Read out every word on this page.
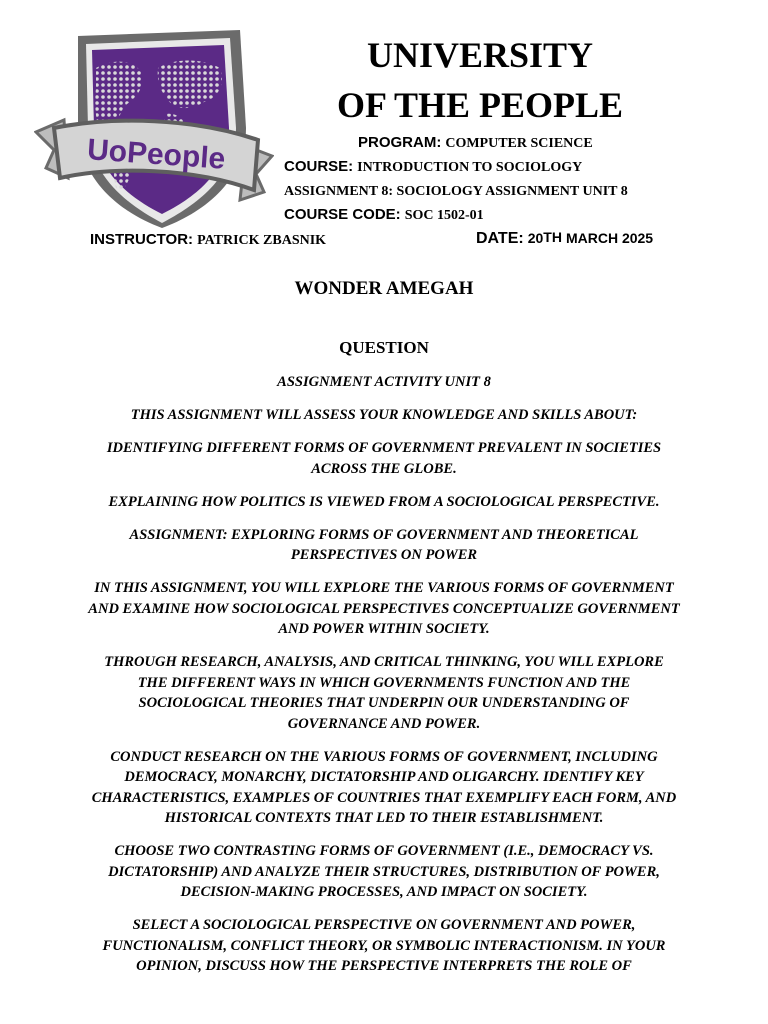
UoPeople
UNIVERSITY
OF THE PEOPLE
PROGRAM: COMPUTER SCIENCE
COURSE: INTRODUCTION TO SOCIOLOGY
ASSIGNMENT 8: SOCIOLOGY ASSIGNMENT UNIT 8
COURSE CODE: SOC 1502-01
INSTRUCTOR: PATRICK ZBASNIK	DATE: 20TH MARCH 2025
WONDER AMEGAH
QUESTION

ASSIGNMENT ACTIVITY UNIT 8

THIS ASSIGNMENT WILL ASSESS YOUR KNOWLEDGE AND SKILLS ABOUT:

IDENTIFYING DIFFERENT FORMS OF GOVERNMENT PREVALENT IN SOCIETIES ACROSS THE GLOBE.

EXPLAINING HOW POLITICS IS VIEWED FROM A SOCIOLOGICAL PERSPECTIVE.

ASSIGNMENT: EXPLORING FORMS OF GOVERNMENT AND THEORETICAL PERSPECTIVES ON POWER

IN THIS ASSIGNMENT, YOU WILL EXPLORE THE VARIOUS FORMS OF GOVERNMENT AND EXAMINE HOW SOCIOLOGICAL PERSPECTIVES CONCEPTUALIZE GOVERNMENT AND POWER WITHIN SOCIETY.

THROUGH RESEARCH, ANALYSIS, AND CRITICAL THINKING, YOU WILL EXPLORE THE DIFFERENT WAYS IN WHICH GOVERNMENTS FUNCTION AND THE SOCIOLOGICAL THEORIES THAT UNDERPIN OUR UNDERSTANDING OF GOVERNANCE AND POWER.

CONDUCT RESEARCH ON THE VARIOUS FORMS OF GOVERNMENT, INCLUDING DEMOCRACY, MONARCHY, DICTATORSHIP AND OLIGARCHY. IDENTIFY KEY CHARACTERISTICS, EXAMPLES OF COUNTRIES THAT EXEMPLIFY EACH FORM, AND HISTORICAL CONTEXTS THAT LED TO THEIR ESTABLISHMENT.

CHOOSE TWO CONTRASTING FORMS OF GOVERNMENT (I.E., DEMOCRACY VS. DICTATORSHIP) AND ANALYZE THEIR STRUCTURES, DISTRIBUTION OF POWER, DECISION-MAKING PROCESSES, AND IMPACT ON SOCIETY.

SELECT A SOCIOLOGICAL PERSPECTIVE ON GOVERNMENT AND POWER, FUNCTIONALISM, CONFLICT THEORY, OR SYMBOLIC INTERACTIONISM. IN YOUR OPINION, DISCUSS HOW THE PERSPECTIVE INTERPRETS THE ROLE OF
